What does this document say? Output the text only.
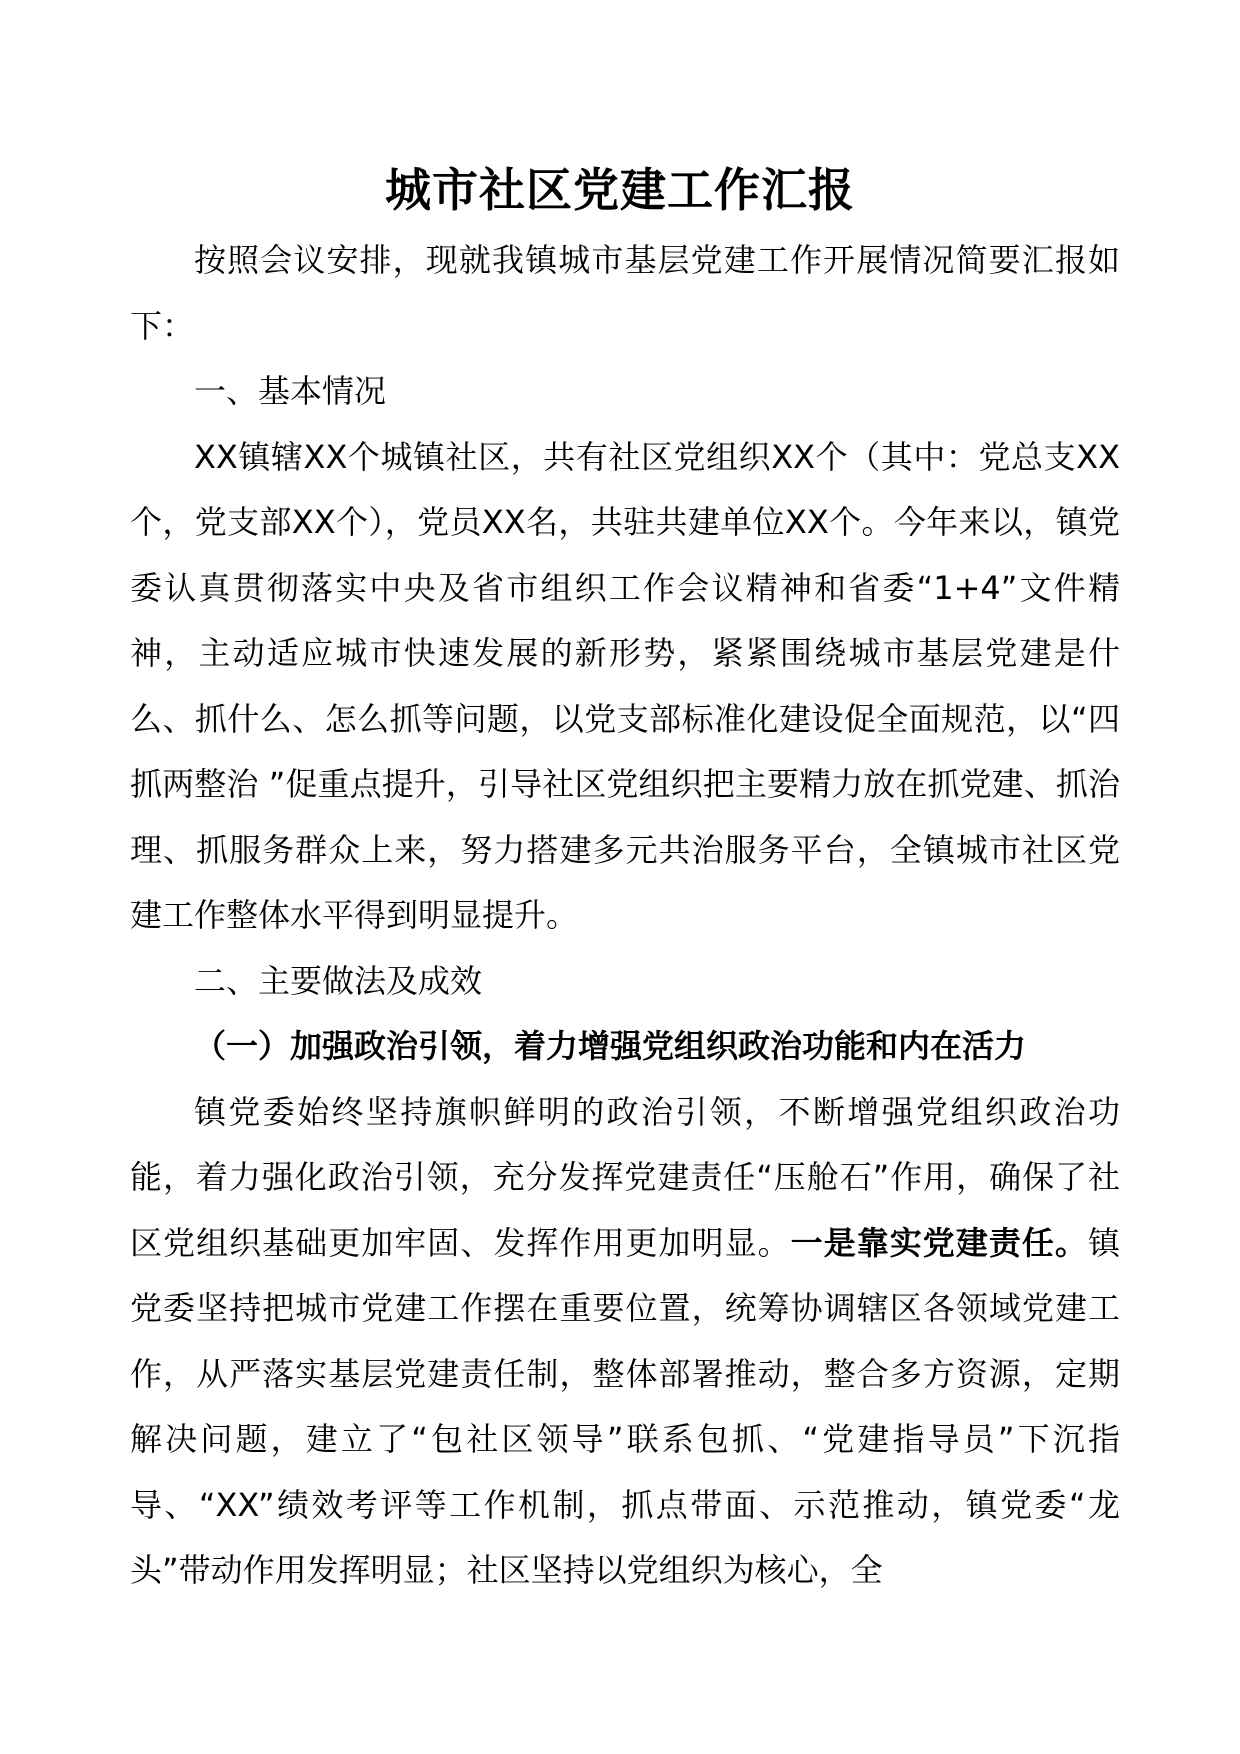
城市社区党建工作汇报

按照会议安排，现就我镇城市基层党建工作开展情况简要汇报如下：

一、基本情况

XX镇辖XX个城镇社区，共有社区党组织XX个（其中：党总支XX个，党支部XX个），党员XX名，共驻共建单位XX个。今年来以，镇党委认真贯彻落实中央及省市组织工作会议精神和省委“1+4”文件精神，主动适应城市快速发展的新形势，紧紧围绕城市基层党建是什么、抓什么、怎么抓等问题，以党支部标准化建设促全面规范，以“四抓两整治 ”促重点提升，引导社区党组织把主要精力放在抓党建、抓治理、抓服务群众上来，努力搭建多元共治服务平台，全镇城市社区党建工作整体水平得到明显提升。

二、主要做法及成效

（一）加强政治引领，着力增强党组织政治功能和内在活力

镇党委始终坚持旗帜鲜明的政治引领，不断增强党组织政治功能，着力强化政治引领，充分发挥党建责任“压舱石”作用，确保了社区党组织基础更加牢固、发挥作用更加明显。一是靠实党建责任。镇党委坚持把城市党建工作摆在重要位置，统筹协调辖区各领域党建工作，从严落实基层党建责任制，整体部署推动，整合多方资源，定期解决问题，建立了“包社区领导”联系包抓、“党建指导员”下沉指导、“XX”绩效考评等工作机制，抓点带面、示范推动，镇党委“龙头”带动作用发挥明显；社区坚持以党组织为核心，全
